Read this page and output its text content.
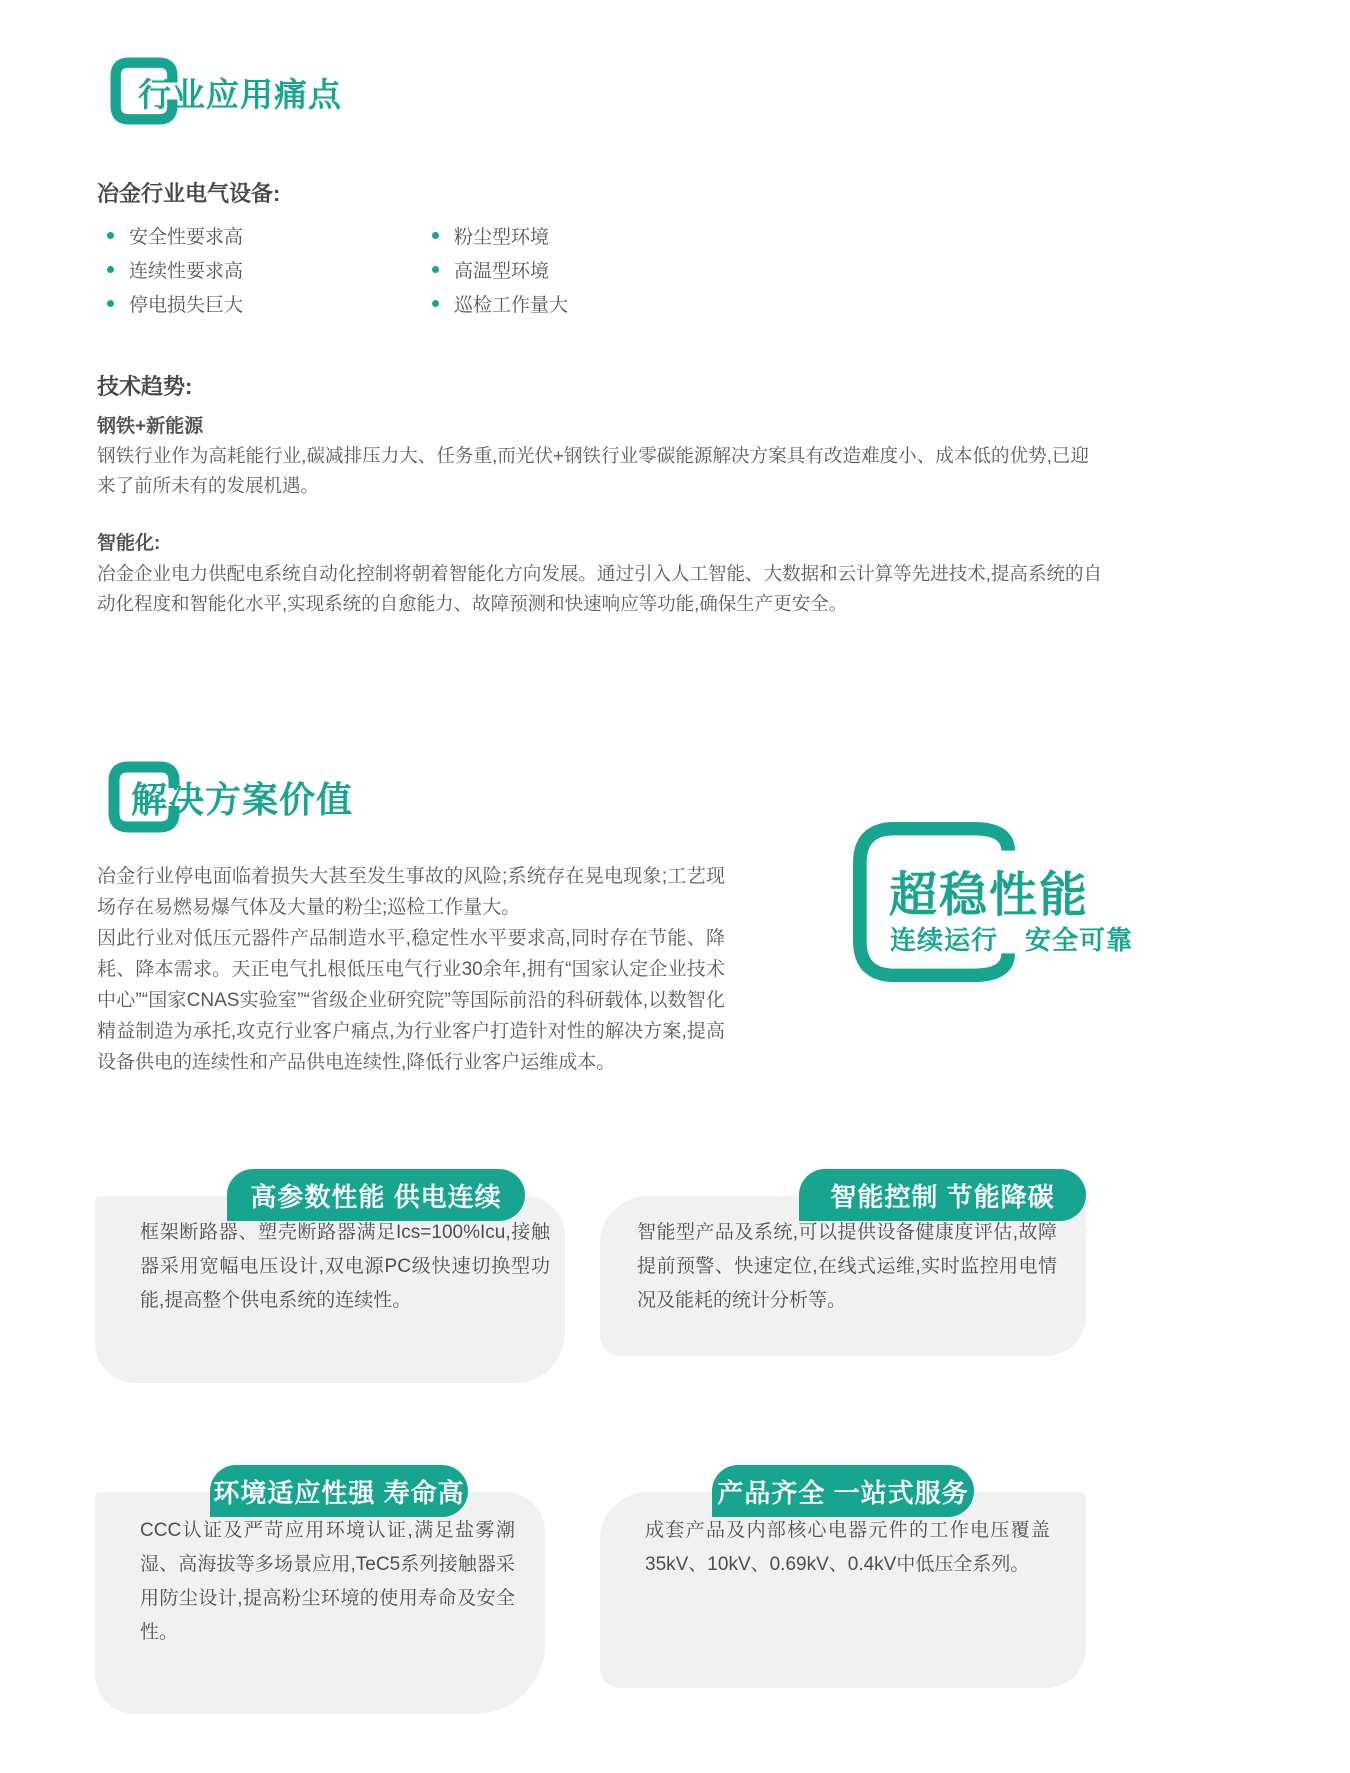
行业应用痛点
冶金行业电气设备:
安全性要求高
连续性要求高
停电损失巨大
粉尘型环境
高温型环境
巡检工作量大
技术趋势:
钢铁+新能源

钢铁行业作为高耗能行业,碳减排压力大、任务重,而光伏+钢铁行业零碳能源解决方案具有改造难度小、成本低的优势,已迎来了前所未有的发展机遇。

智能化:

冶金企业电力供配电系统自动化控制将朝着智能化方向发展。通过引入人工智能、大数据和云计算等先进技术,提高系统的自动化程度和智能化水平,实现系统的自愈能力、故障预测和快速响应等功能,确保生产更安全。

解决方案价值

冶金行业停电面临着损失大甚至发生事故的风险;系统存在晃电现象;工艺现场存在易燃易爆气体及大量的粉尘;巡检工作量大。

因此行业对低压元器件产品制造水平,稳定性水平要求高,同时存在节能、降耗、降本需求。天正电气扎根低压电气行业30余年,拥有“国家认定企业技术中心”“国家CNAS实验室”“省级企业研究院”等国际前沿的科研载体,以数智化精益制造为承托,攻克行业客户痛点,为行业客户打造针对性的解决方案,提高设备供电的连续性和产品供电连续性,降低行业客户运维成本。

超稳性能
连续运行　安全可靠

框架断路器、塑壳断路器满足Ics=100%Icu,接触器采用宽幅电压设计,双电源PC级快速切换型功能,提高整个供电系统的连续性。

高参数性能 供电连续

智能型产品及系统,可以提供设备健康度评估,故障提前预警、快速定位,在线式运维,实时监控用电情况及能耗的统计分析等。

智能控制 节能降碳

CCC认证及严苛应用环境认证,满足盐雾潮湿、高海拔等多场景应用,TeC5系列接触器采用防尘设计,提高粉尘环境的使用寿命及安全性。

环境适应性强 寿命高

成套产品及内部核心电器元件的工作电压覆盖35kV、10kV、0.69kV、0.4kV中低压全系列。

产品齐全 一站式服务
